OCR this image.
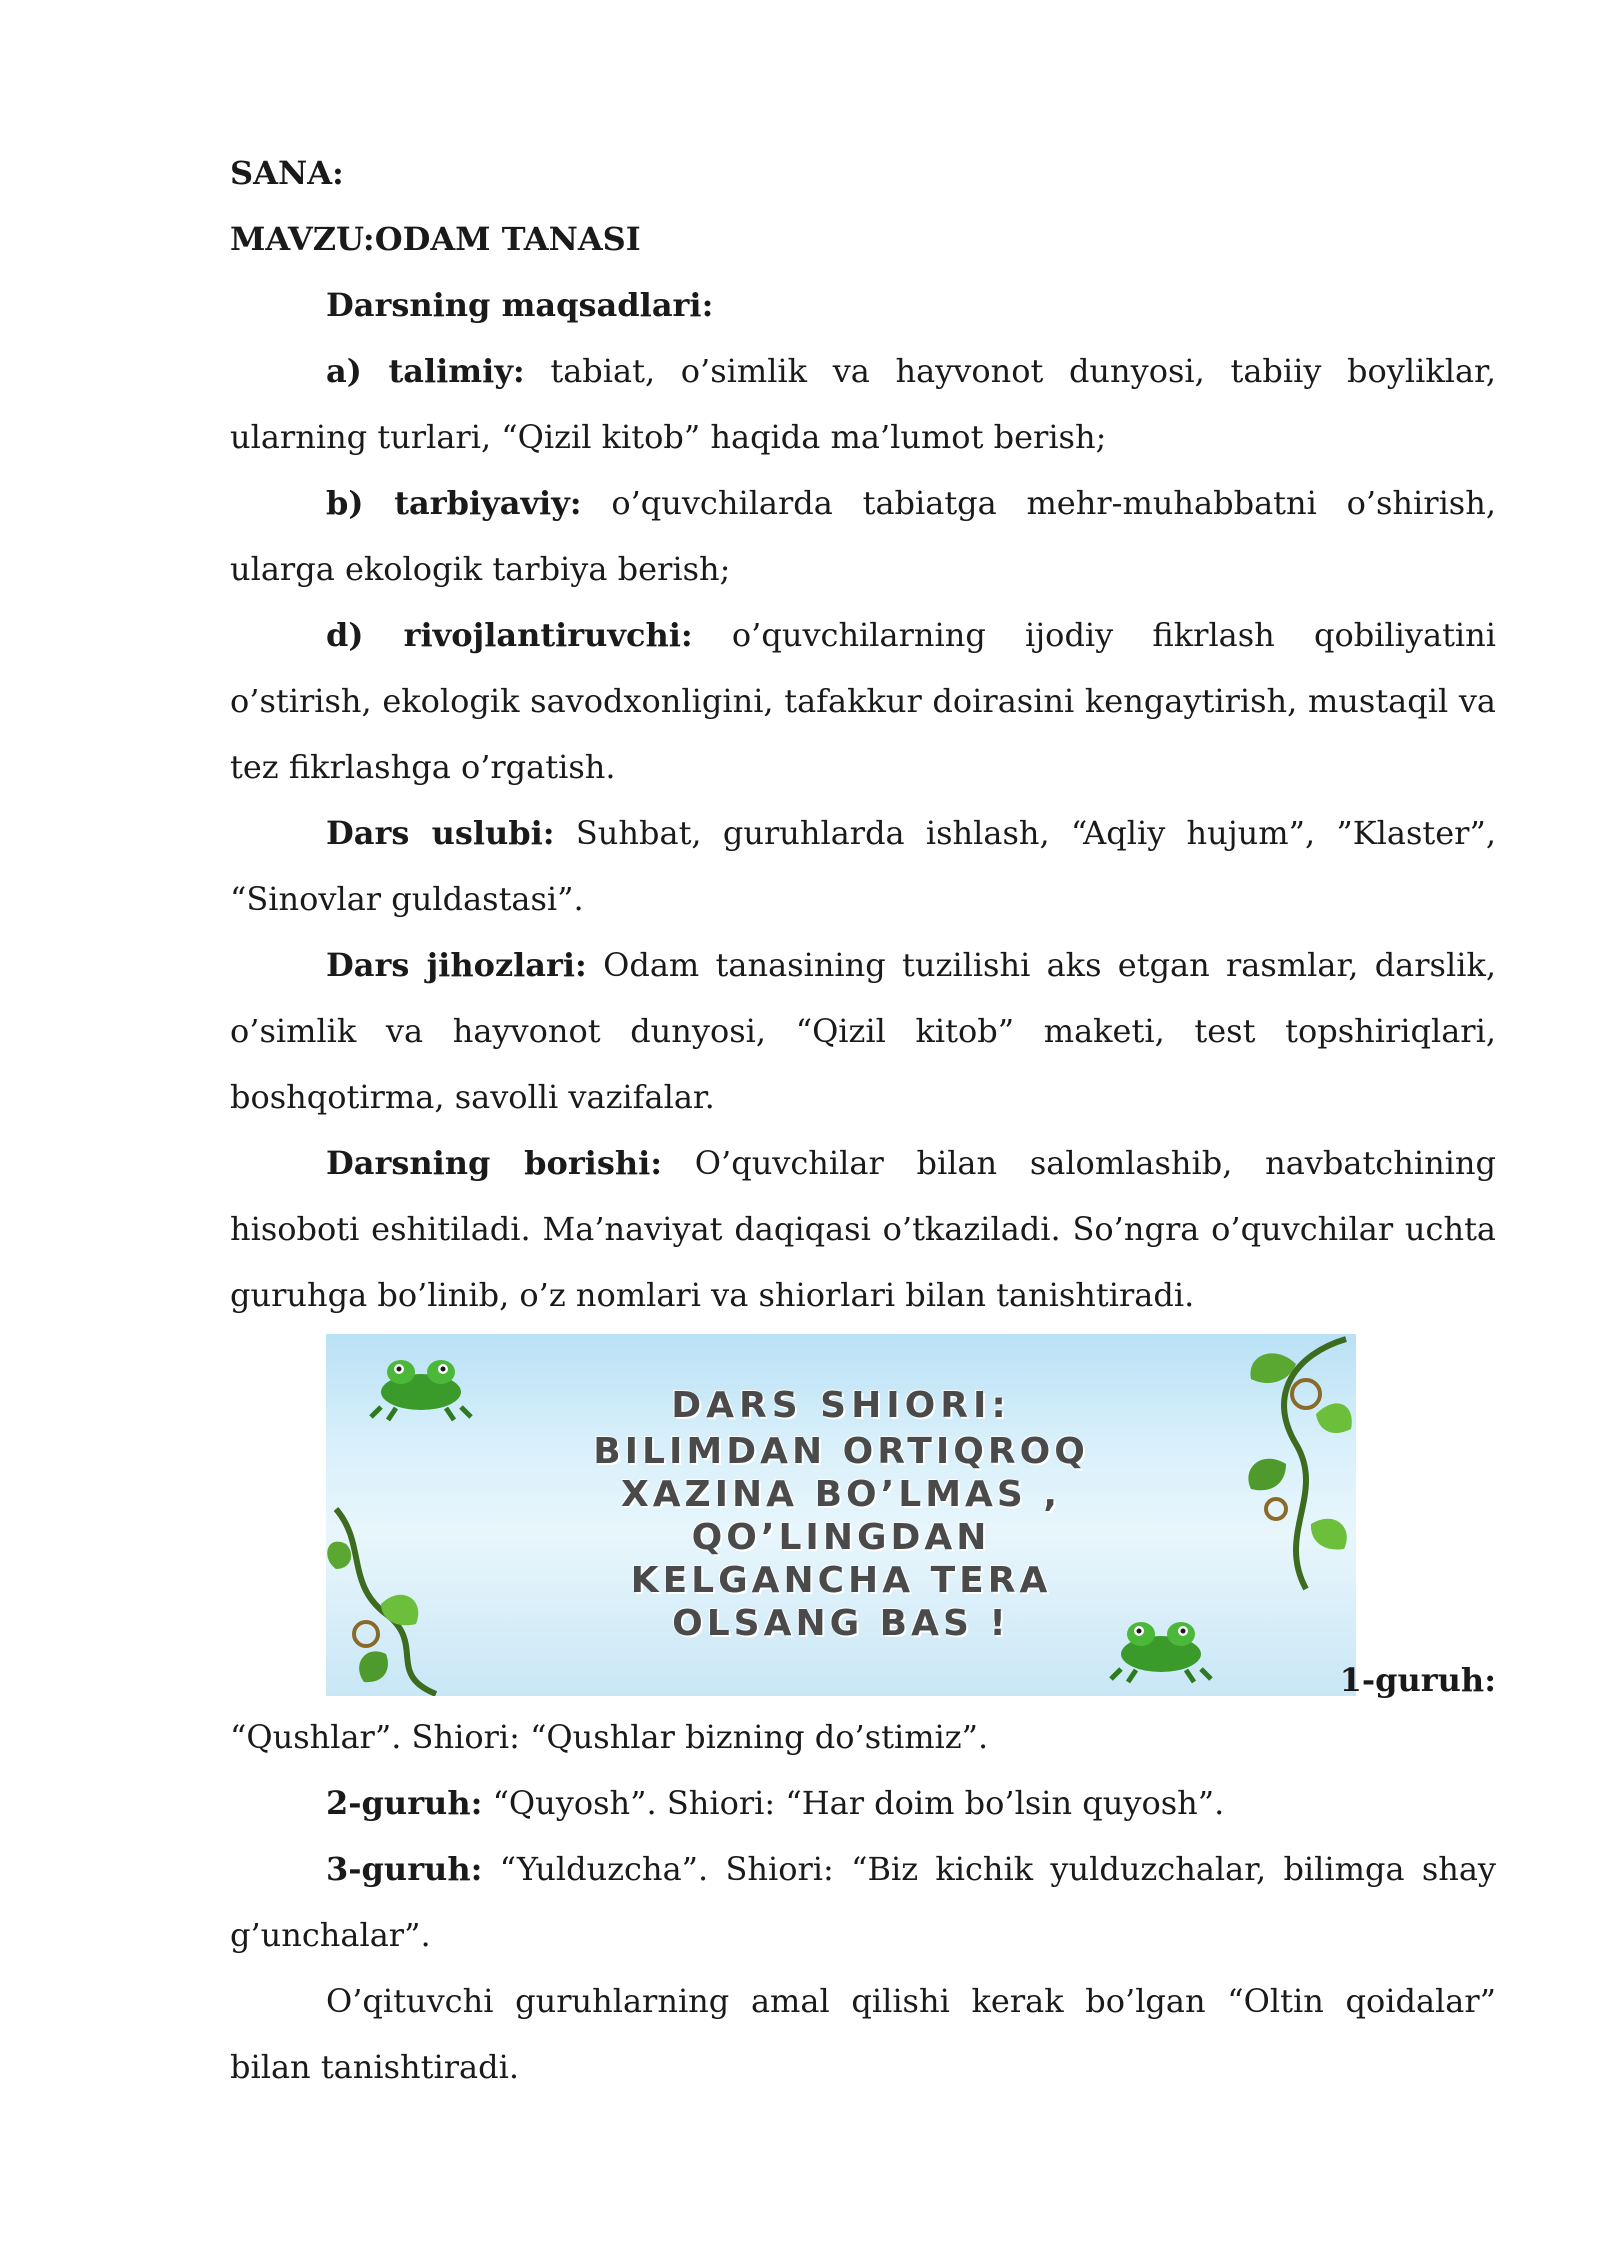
SANA:

MAVZU:ODAM TANASI

Darsning maqsadlari:

a) talimiy: tabiat, o’simlik va hayvonot dunyosi, tabiiy boyliklar, ularning turlari, “Qizil kitob” haqida ma’lumot berish;

b) tarbiyaviy: o’quvchilarda tabiatga mehr-muhabbatni o’shirish, ularga ekologik tarbiya berish;

d) rivojlantiruvchi: o’quvchilarning ijodiy fikrlash qobiliyatini o’stirish, ekologik savodxonligini, tafakkur doirasini kengaytirish, mustaqil va tez fikrlashga o’rgatish.

Dars uslubi: Suhbat, guruhlarda ishlash, “Aqliy hujum”, ”Klaster”, “Sinovlar guldastasi”.

Dars jihozlari: Odam tanasining tuzilishi aks etgan rasmlar, darslik, o’simlik va hayvonot dunyosi, “Qizil kitob” maketi, test topshiriqlari, boshqotirma, savolli vazifalar.

Darsning borishi: O’quvchilar bilan salomlashib, navbatchining hisoboti eshitiladi. Ma’naviyat daqiqasi o’tkaziladi. So’ngra o’quvchilar uchta guruhga bo’linib, o’z nomlari va shiorlari bilan tanishtiradi.

DARS SHIORI:
BILIMDAN ORTIQROQ
XAZINA BO’LMAS ,
QO’LINGDAN
KELGANCHA TERA
OLSANG BAS !
1-guruh:

“Qushlar”. Shiori: “Qushlar bizning do’stimiz”.

2-guruh: “Quyosh”. Shiori: “Har doim bo’lsin quyosh”.

3-guruh: “Yulduzcha”. Shiori: “Biz kichik yulduzchalar, bilimga shay g’unchalar”.

O’qituvchi guruhlarning amal qilishi kerak bo’lgan “Oltin qoidalar” bilan tanishtiradi.
